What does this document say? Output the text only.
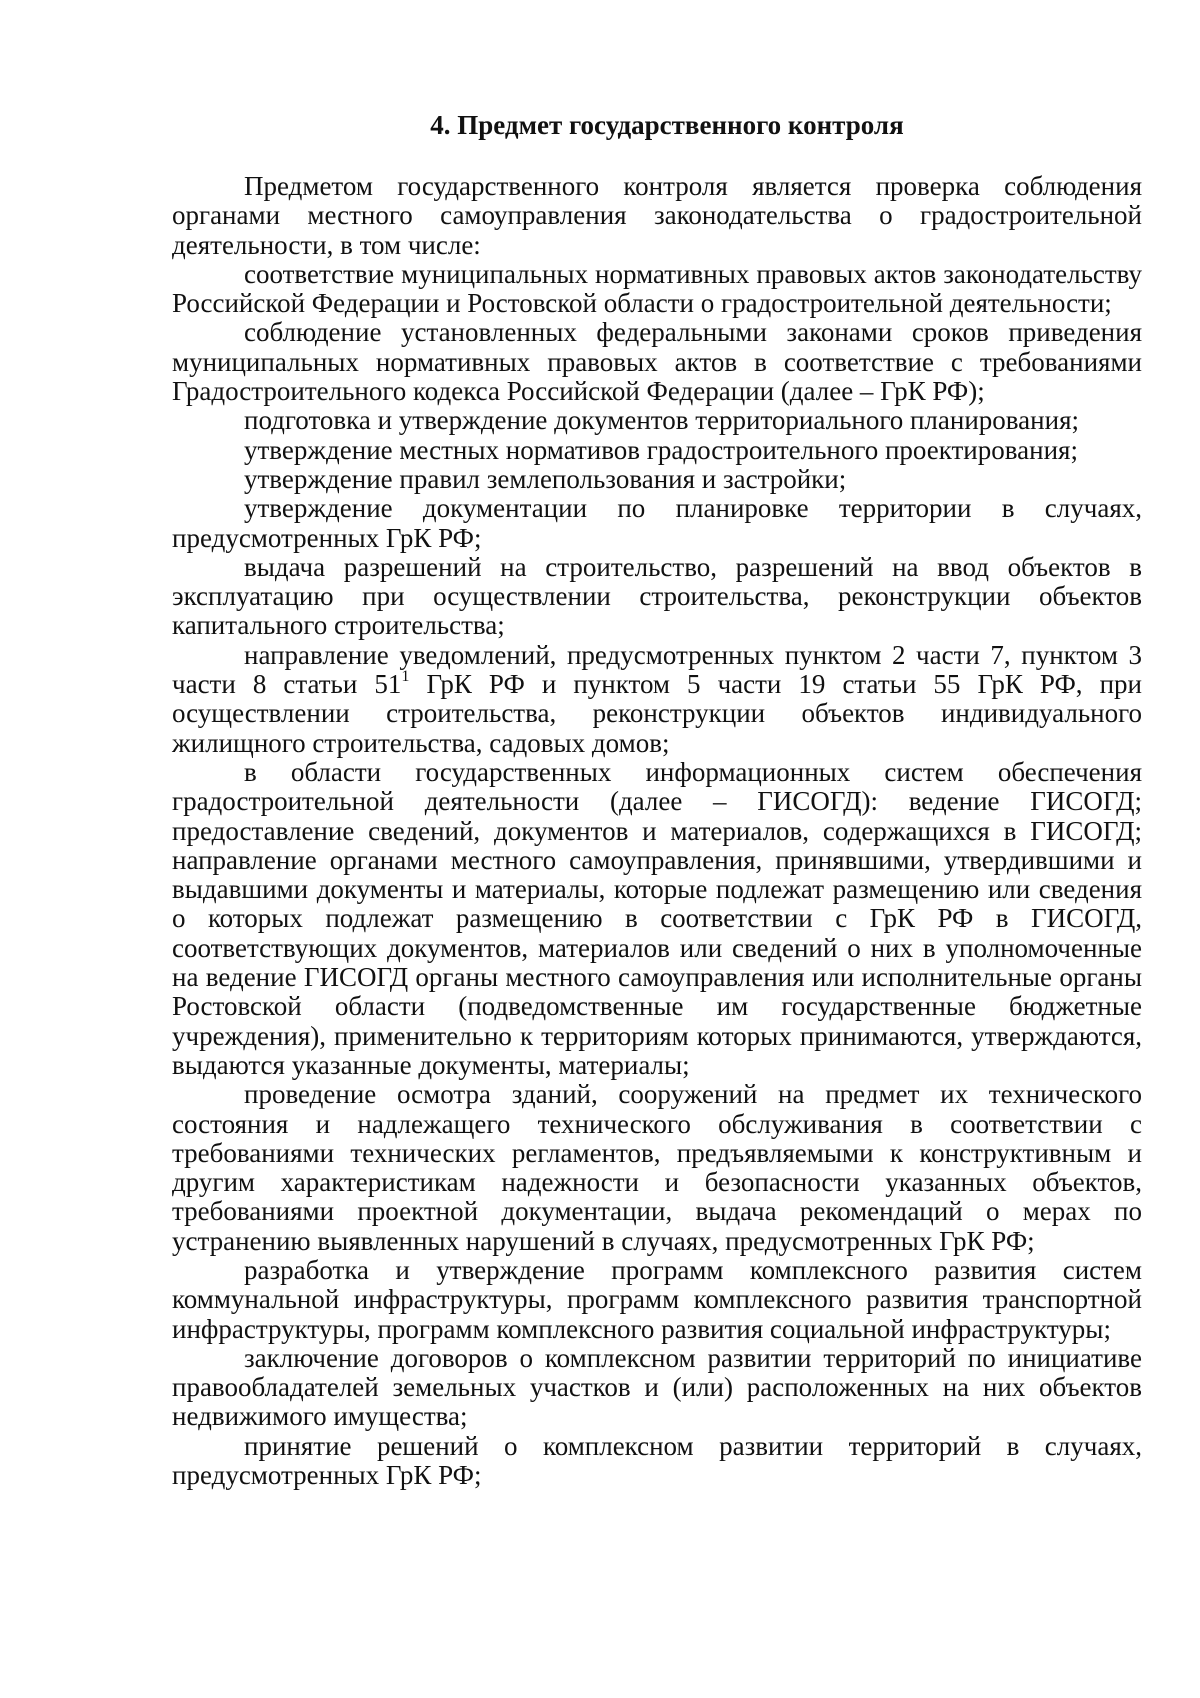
4. Предмет государственного контроля

Предметом государственного контроля является проверка соблюдения органами местного самоуправления законодательства о градостроительной деятельности, в том числе:

соответствие муниципальных нормативных правовых актов законодательству Российской Федерации и Ростовской области о градостроительной деятельности;

соблюдение установленных федеральными законами сроков приведения муниципальных нормативных правовых актов в соответствие с требованиями Градостроительного кодекса Российской Федерации (далее – ГрК РФ);

подготовка и утверждение документов территориального планирования;

утверждение местных нормативов градостроительного проектирования;

утверждение правил землепользования и застройки;

утверждение документации по планировке территории в случаях, предусмотренных ГрК РФ;

выдача разрешений на строительство, разрешений на ввод объектов в эксплуатацию при осуществлении строительства, реконструкции объектов капитального строительства;

направление уведомлений, предусмотренных пунктом 2 части 7, пунктом 3 части 8 статьи $51^1$ ГрК РФ и пунктом 5 части 19 статьи 55 ГрК РФ, при осуществлении строительства, реконструкции объектов индивидуального жилищного строительства, садовых домов;

в области государственных информационных систем обеспечения градостроительной деятельности (далее – ГИСОГД): ведение ГИСОГД; предоставление сведений, документов и материалов, содержащихся в ГИСОГД; направление органами местного самоуправления, принявшими, утвердившими и выдавшими документы и материалы, которые подлежат размещению или сведения о которых подлежат размещению в соответствии с ГрК РФ в ГИСОГД, соответствующих документов, материалов или сведений о них в уполномоченные на ведение ГИСОГД органы местного самоуправления или исполнительные органы Ростовской области (подведомственные им государственные бюджетные учреждения), применительно к территориям которых принимаются, утверждаются, выдаются указанные документы, материалы;

проведение осмотра зданий, сооружений на предмет их технического состояния и надлежащего технического обслуживания в соответствии с требованиями технических регламентов, предъявляемыми к конструктивным и другим характеристикам надежности и безопасности указанных объектов, требованиями проектной документации, выдача рекомендаций о мерах по устранению выявленных нарушений в случаях, предусмотренных ГрК РФ;

разработка и утверждение программ комплексного развития систем коммунальной инфраструктуры, программ комплексного развития транспортной инфраструктуры, программ комплексного развития социальной инфраструктуры;

заключение договоров о комплексном развитии территорий по инициативе правообладателей земельных участков и (или) расположенных на них объектов недвижимого имущества;

принятие решений о комплексном развитии территорий в случаях, предусмотренных ГрК РФ;
